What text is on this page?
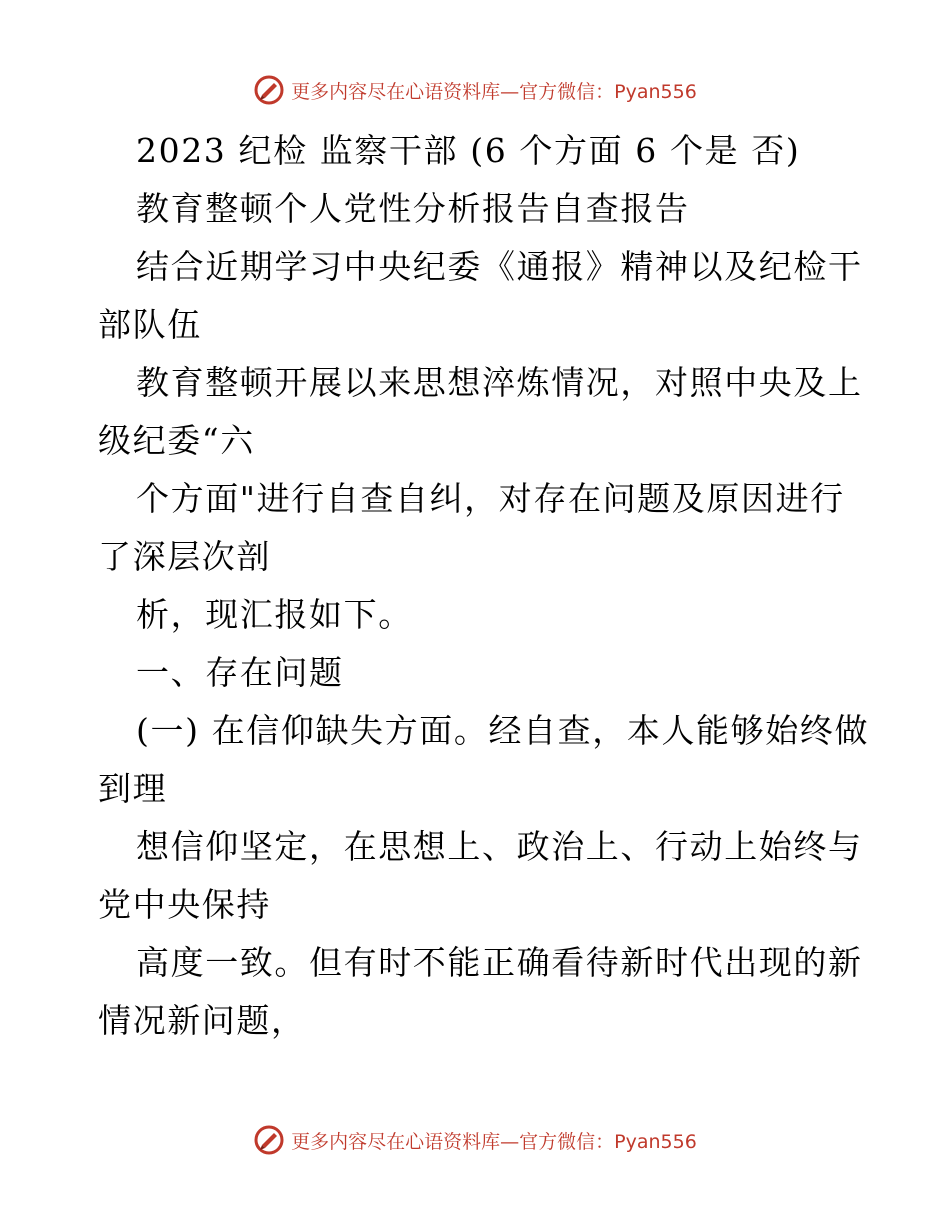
更多内容尽在心语资料库—官方微信：Pyan556
2023 纪检 监察干部 (6 个方面 6 个是 否)
教育整顿个人党性分析报告自查报告
结合近期学习中央纪委《通报》精神以及纪检干
部队伍
教育整顿开展以来思想淬炼情况，对照中央及上
级纪委“六
个方面"进行自查自纠，对存在问题及原因进行
了深层次剖
析，现汇报如下。
一、存在问题
(一) 在信仰缺失方面。经自查，本人能够始终做
到理
想信仰坚定，在思想上、政治上、行动上始终与
党中央保持
高度一致。但有时不能正确看待新时代出现的新
情况新问题，
更多内容尽在心语资料库—官方微信：Pyan556
